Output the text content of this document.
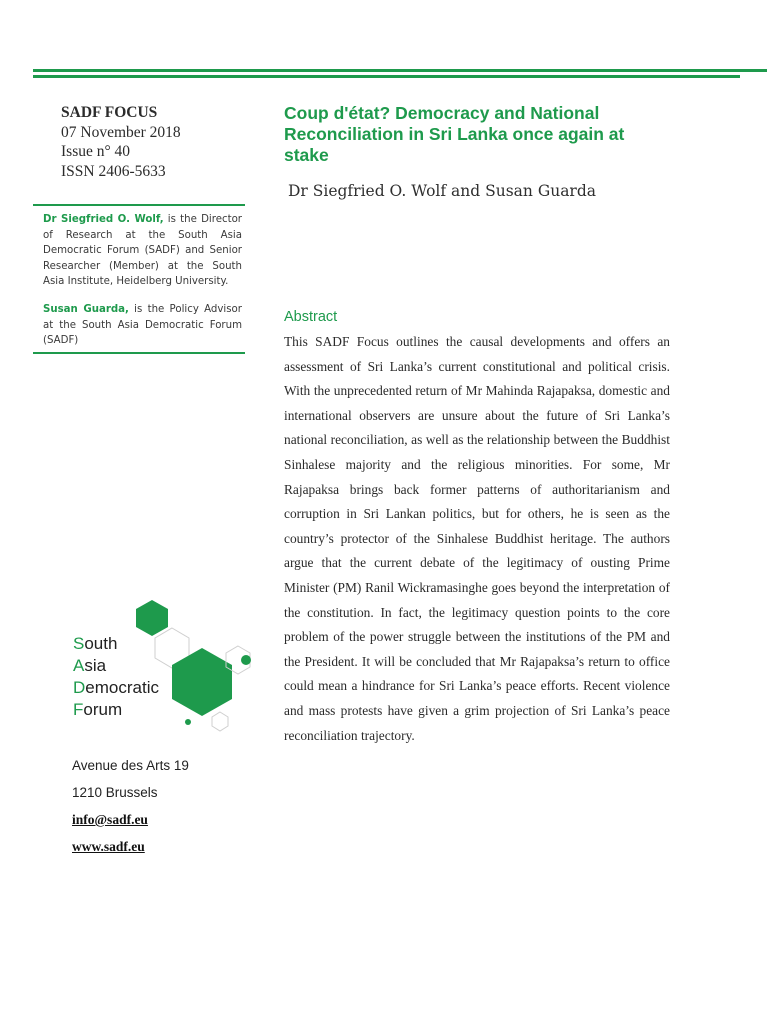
SADF FOCUS
07 November 2018
Issue n° 40
ISSN 2406-5633
Dr Siegfried O. Wolf, is the Director of Research at the South Asia Democratic Forum (SADF) and Senior Researcher (Member) at the South Asia Institute, Heidelberg University.
Susan Guarda, is the Policy Advisor at the South Asia Democratic Forum (SADF)
Coup d'état? Democracy and National Reconciliation in Sri Lanka once again at stake
Dr Siegfried O. Wolf and Susan Guarda
Abstract
This SADF Focus outlines the causal developments and offers an assessment of Sri Lanka’s current constitutional and political crisis. With the unprecedented return of Mr Mahinda Rajapaksa, domestic and international observers are unsure about the future of Sri Lanka’s national reconciliation, as well as the relationship between the Buddhist Sinhalese majority and the religious minorities. For some, Mr Rajapaksa brings back former patterns of authoritarianism and corruption in Sri Lankan politics, but for others, he is seen as the country’s protector of the Sinhalese Buddhist heritage. The authors argue that the current debate of the legitimacy of ousting Prime Minister (PM) Ranil Wickramasinghe goes beyond the interpretation of the constitution. In fact, the legitimacy question points to the core problem of the power struggle between the institutions of the PM and the President. It will be concluded that Mr Rajapaksa’s return to office could mean a hindrance for Sri Lanka’s peace efforts. Recent violence and mass protests have given a grim projection of Sri Lanka’s peace reconciliation trajectory.
South
Asia
Democratic
Forum
Avenue des Arts 19
1210 Brussels
info@sadf.eu
www.sadf.eu
